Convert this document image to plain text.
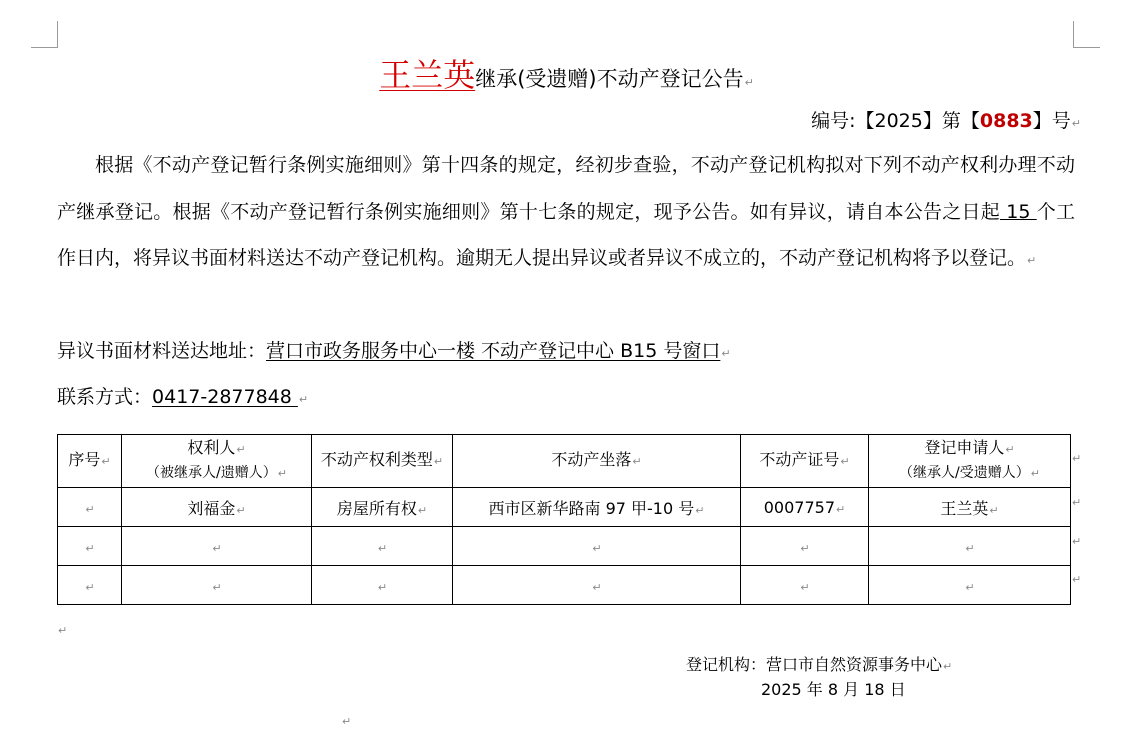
王兰英继承(受遗赠)不动产登记公告↵
编号:【2025】第【0883】号↵

根据《不动产登记暂行条例实施细则》第十四条的规定，经初步查验，不动产登记机构拟对下列不动产权利办理不动产继承登记。根据《不动产登记暂行条例实施细则》第十七条的规定，现予公告。如有异议，请自本公告之日起 15 个工作日内，将异议书面材料送达不动产登记机构。逾期无人提出异议或者异议不成立的，不动产登记机构将予以登记。↵

异议书面材料送达地址：营口市政务服务中心一楼 不动产登记中心 B15 号窗口↵
联系方式：0417-2877848 ↵
序号↵	权利人↵
（被继承人/遗赠人）↵	不动产权利类型↵	不动产坐落↵	不动产证号↵	登记申请人↵
（继承人/受遗赠人）↵
↵	刘福金↵	房屋所有权↵	西市区新华路南 97 甲-10 号↵	0007757↵	王兰英↵
↵	↵	↵	↵	↵	↵
↵	↵	↵	↵	↵	↵
↵
↵
↵
↵
↵
登记机构：营口市自然资源事务中心↵
2025 年 8 月 18 日
↵
